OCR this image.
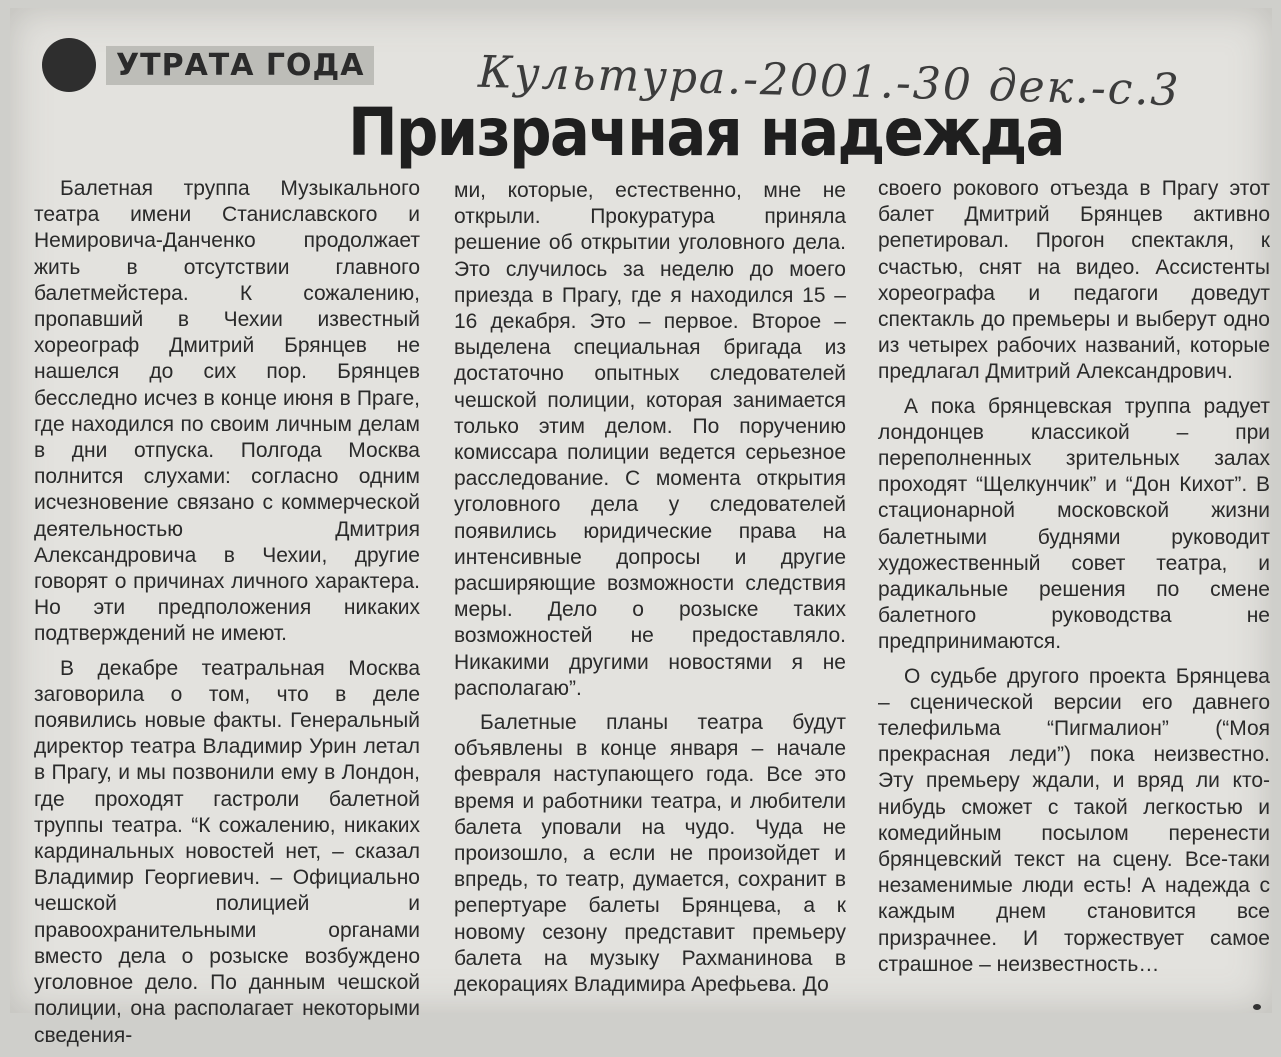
УТРАТА ГОДА	Культура.-2001.-30 дек.-с.3
Призрачная надежда

Балетная труппа Музыкального театра имени Станиславского и Немировича-Данченко продолжает жить в отсутствии главного балетмейстера. К сожалению, пропавший в Чехии известный хореограф Дмитрий Брянцев не нашелся до сих пор. Брянцев бесследно исчез в конце июня в Праге, где находился по своим личным делам в дни отпуска. Полгода Москва полнится слухами: согласно одним исчезновение связано с коммерческой деятельностью Дмитрия Александровича в Чехии, другие говорят о причинах личного характера. Но эти предположения никаких подтверждений не имеют.

В декабре театральная Москва заговорила о том, что в деле появились новые факты. Генеральный директор театра Владимир Урин летал в Прагу, и мы позвонили ему в Лондон, где проходят гастроли балетной труппы театра. “К сожалению, никаких кардинальных новостей нет, – сказал Владимир Георгиевич. – Официально чешской полицией и правоохранительными органами вместо дела о розыске возбуждено уголовное дело. По данным чешской полиции, она располагает некоторыми сведения-

ми, которые, естественно, мне не открыли. Прокуратура приняла решение об открытии уголовного дела. Это случилось за неделю до моего приезда в Прагу, где я находился 15 – 16 декабря. Это – первое. Второе – выделена специальная бригада из достаточно опытных следователей чешской полиции, которая занимается только этим делом. По поручению комиссара полиции ведется серьезное расследование. С момента открытия уголовного дела у следователей появились юридические права на интенсивные допросы и другие расширяющие возможности следствия меры. Дело о розыске таких возможностей не предоставляло. Никакими другими новостями я не располагаю”.

Балетные планы театра будут объявлены в конце января – начале февраля наступающего года. Все это время и работники театра, и любители балета уповали на чудо. Чуда не произошло, а если не произойдет и впредь, то театр, думается, сохранит в репертуаре балеты Брянцева, а к новому сезону представит премьеру балета на музыку Рахманинова в декорациях Владимира Арефьева. До

своего рокового отъезда в Прагу этот балет Дмитрий Брянцев активно репетировал. Прогон спектакля, к счастью, снят на видео. Ассистенты хореографа и педагоги доведут спектакль до премьеры и выберут одно из четырех рабочих названий, которые предлагал Дмитрий Александрович.

А пока брянцевская труппа радует лондонцев классикой – при переполненных зрительных залах проходят “Щелкунчик” и “Дон Кихот”. В стационарной московской жизни балетными буднями руководит художественный совет театра, и радикальные решения по смене балетного руководства не предпринимаются.

О судьбе другого проекта Брянцева – сценической версии его давнего телефильма “Пигмалион” (“Моя прекрасная леди”) пока неизвестно. Эту премьеру ждали, и вряд ли кто-нибудь сможет с такой легкостью и комедийным посылом перенести брянцевский текст на сцену. Все-таки незаменимые люди есть! А надежда с каждым днем становится все призрачнее. И торжествует самое страшное – неизвестность…
